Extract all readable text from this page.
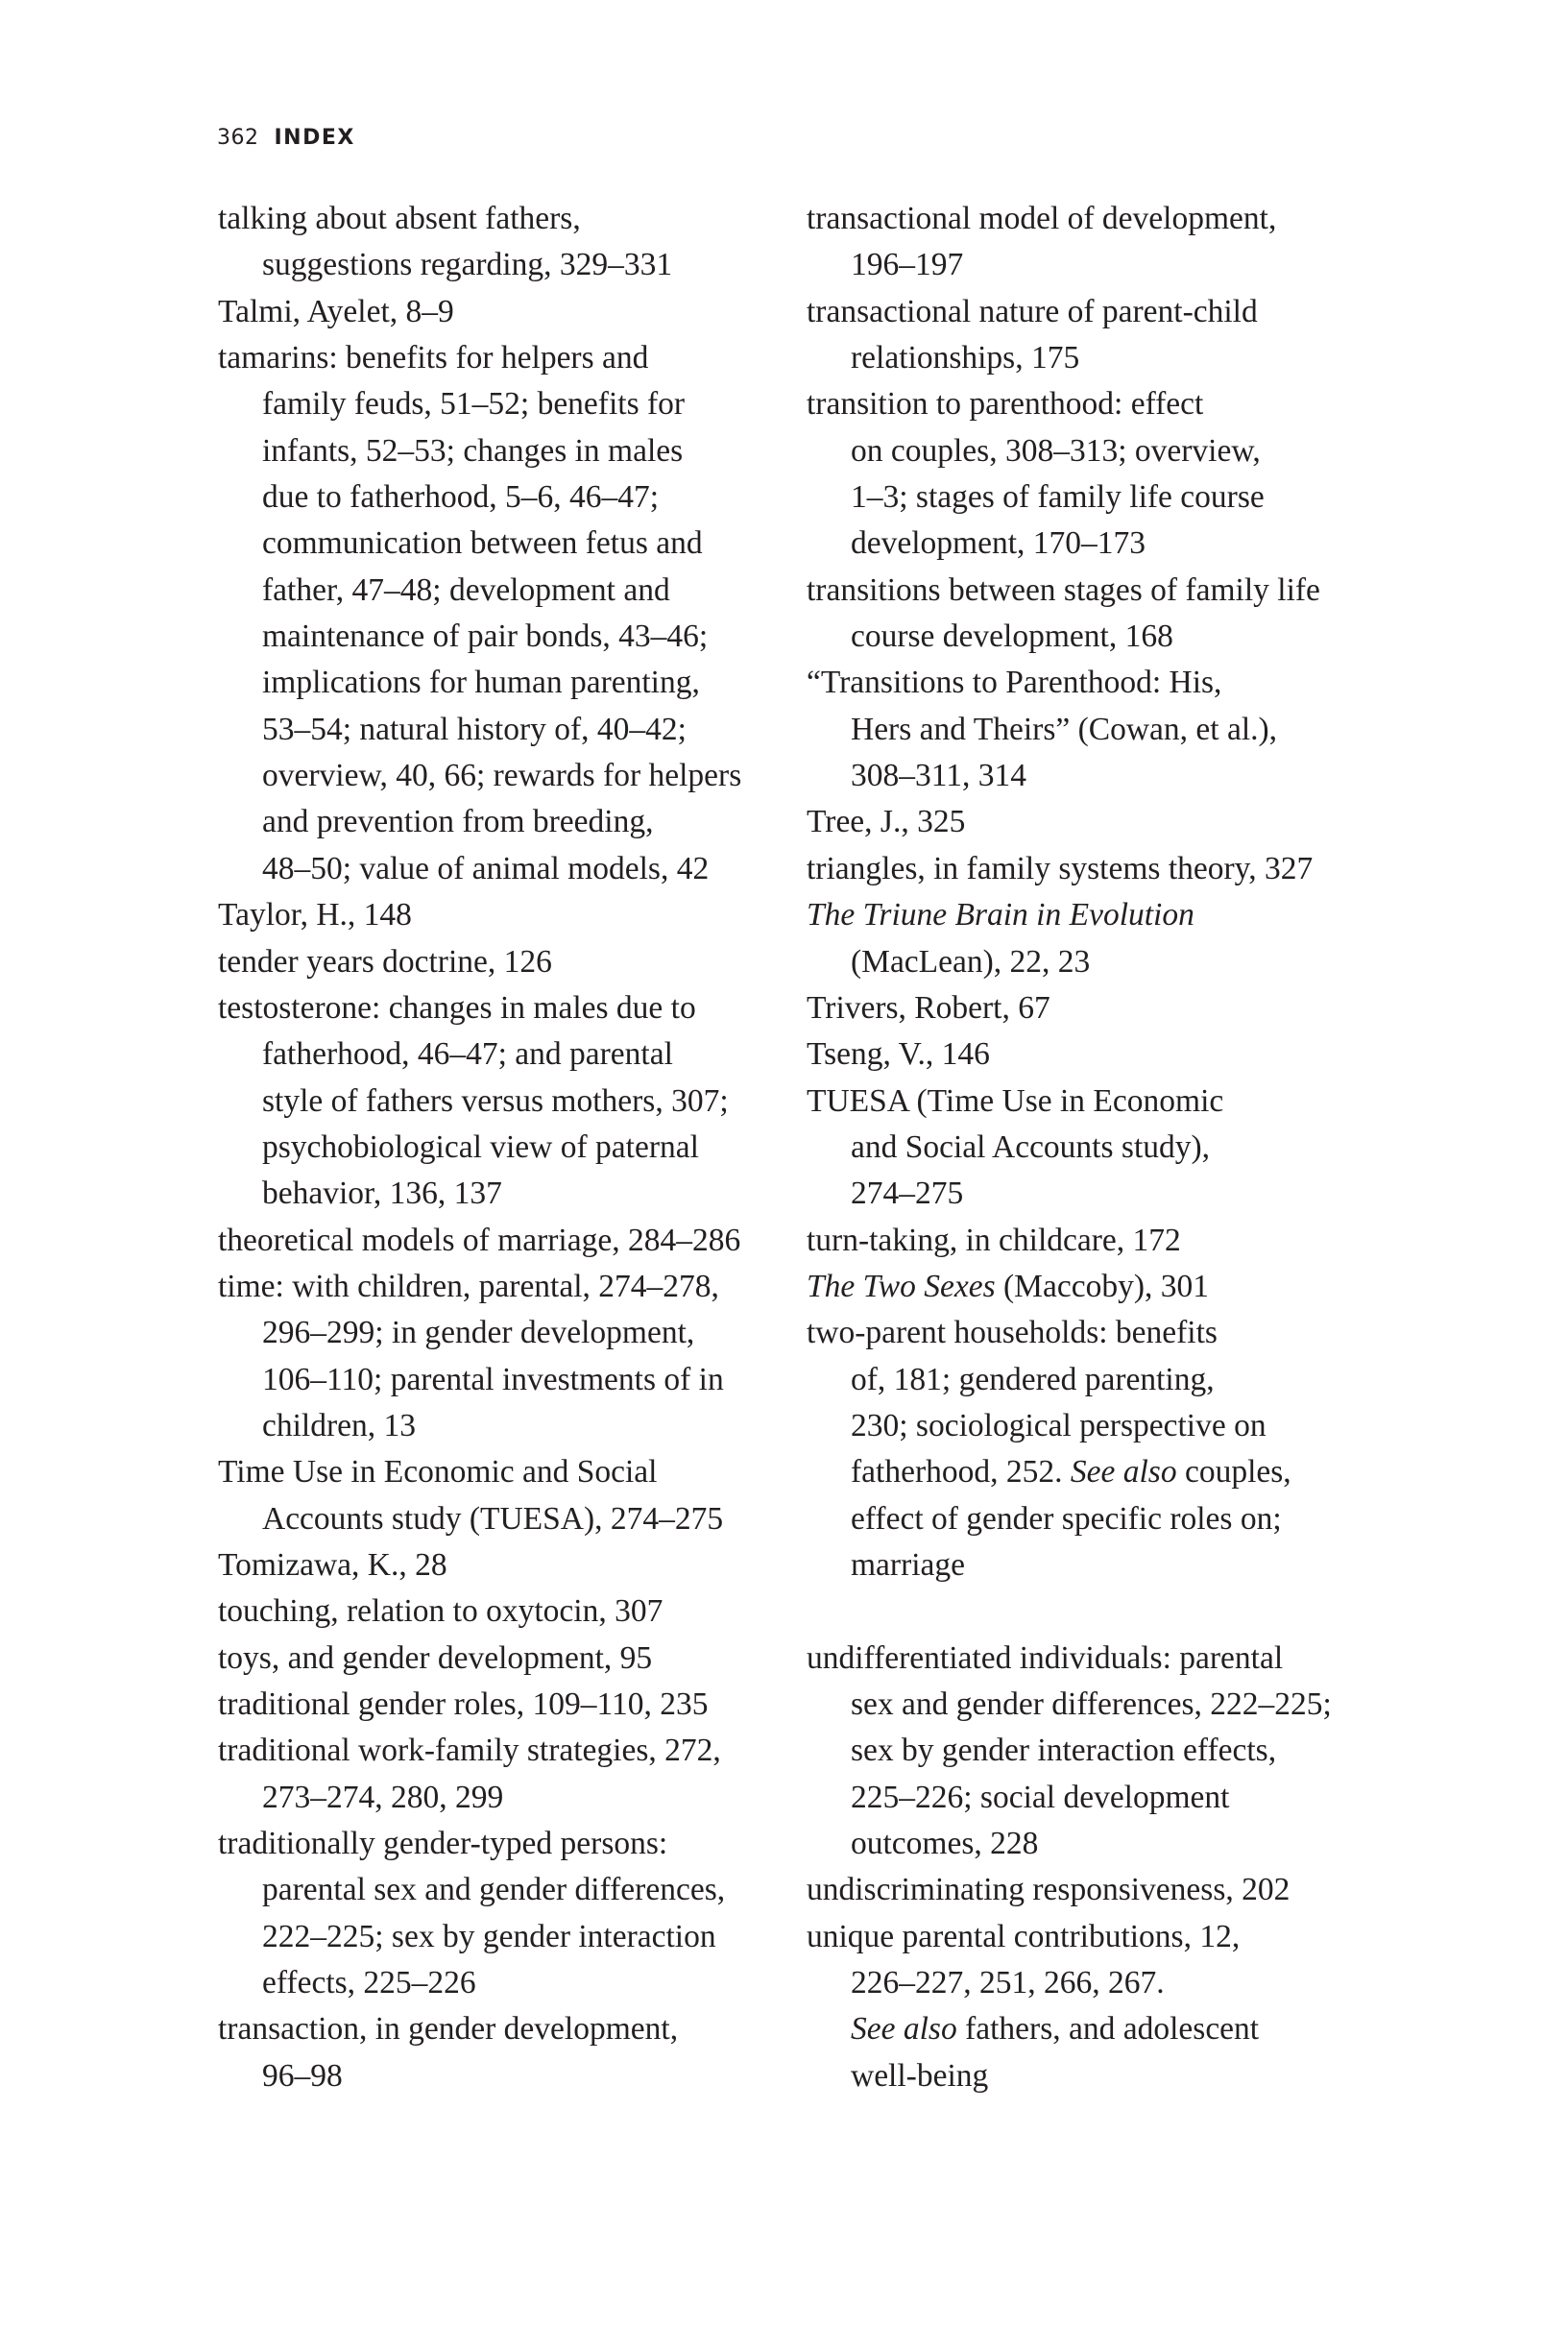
362 INDEX
talking about absent fathers,
suggestions regarding, 329–331
Talmi, Ayelet, 8–9
tamarins: benefits for helpers and
family feuds, 51–52; benefits for
infants, 52–53; changes in males
due to fatherhood, 5–6, 46–47;
communication between fetus and
father, 47–48; development and
maintenance of pair bonds, 43–46;
implications for human parenting,
53–54; natural history of, 40–42;
overview, 40, 66; rewards for helpers
and prevention from breeding,
48–50; value of animal models, 42
Taylor, H., 148
tender years doctrine, 126
testosterone: changes in males due to
fatherhood, 46–47; and parental
style of fathers versus mothers, 307;
psychobiological view of paternal
behavior, 136, 137
theoretical models of marriage, 284–286
time: with children, parental, 274–278,
296–299; in gender development,
106–110; parental investments of in
children, 13
Time Use in Economic and Social
Accounts study (TUESA), 274–275
Tomizawa, K., 28
touching, relation to oxytocin, 307
toys, and gender development, 95
traditional gender roles, 109–110, 235
traditional work-family strategies, 272,
273–274, 280, 299
traditionally gender-typed persons:
parental sex and gender differences,
222–225; sex by gender interaction
effects, 225–226
transaction, in gender development,
96–98
transactional model of development,
196–197
transactional nature of parent-child
relationships, 175
transition to parenthood: effect
on couples, 308–313; overview,
1–3; stages of family life course
development, 170–173
transitions between stages of family life
course development, 168
“Transitions to Parenthood: His,
Hers and Theirs” (Cowan, et al.),
308–311, 314
Tree, J., 325
triangles, in family systems theory, 327
The Triune Brain in Evolution
(MacLean), 22, 23
Trivers, Robert, 67
Tseng, V., 146
TUESA (Time Use in Economic
and Social Accounts study),
274–275
turn-taking, in childcare, 172
The Two Sexes (Maccoby), 301
two-parent households: benefits
of, 181; gendered parenting,
230; sociological perspective on
fatherhood, 252. See also couples,
effect of gender specific roles on;
marriage
undifferentiated individuals: parental
sex and gender differences, 222–225;
sex by gender interaction effects,
225–226; social development
outcomes, 228
undiscriminating responsiveness, 202
unique parental contributions, 12,
226–227, 251, 266, 267.
See also fathers, and adolescent
well-being
